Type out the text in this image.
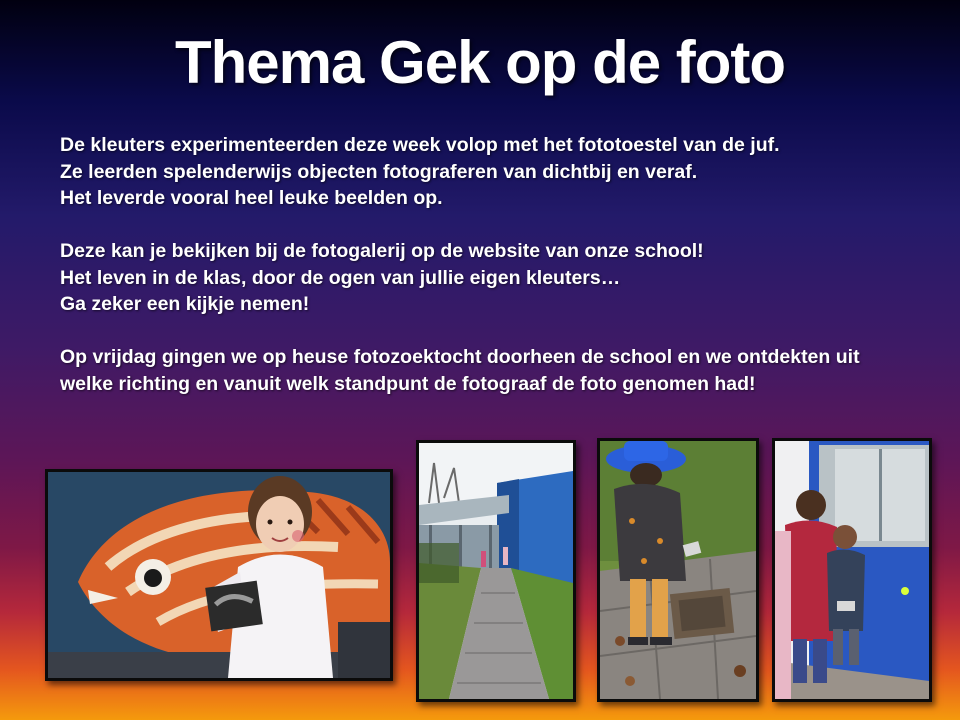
Thema Gek op de foto

De kleuters experimenteerden deze week volop met het fototoestel van de juf.
Ze leerden spelenderwijs objecten fotograferen van dichtbij en veraf.
Het leverde vooral heel leuke beelden op.

Deze kan je bekijken bij de fotogalerij op de website van onze school!
Het leven in de klas, door de ogen van jullie eigen kleuters…
Ga zeker een kijkje nemen!

Op vrijdag gingen we op heuse fotozoektocht doorheen de school en we ontdekten uit
welke richting en vanuit welk standpunt de fotograaf de foto genomen had!
